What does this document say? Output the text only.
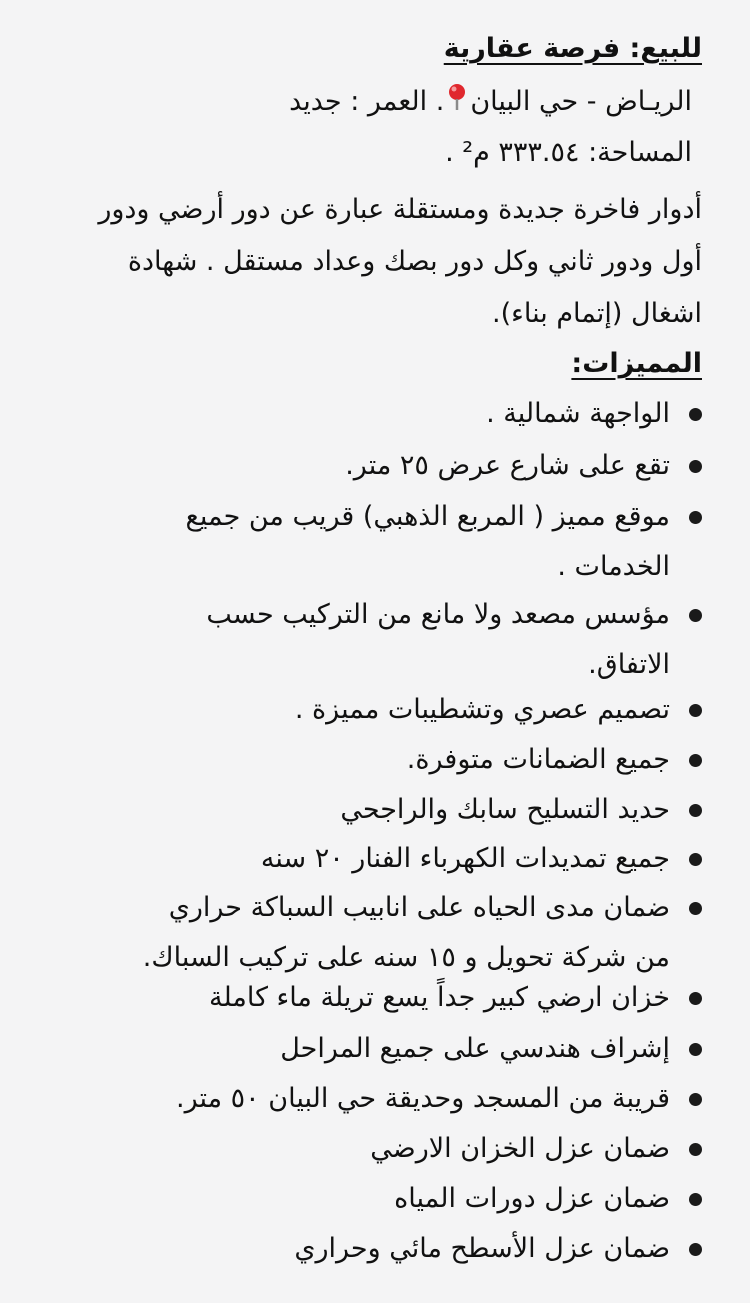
للبيع: فرصة عقارية
الريـاض - حي البيان. العمر : جديد
المساحة: ٣٣٣.٥٤ م² .
أدوار فاخرة جديدة ومستقلة عبارة عن دور أرضي ودور
أول ودور ثاني وكل دور بصك وعداد مستقل . شهادة
اشغال (إتمام بناء).
المميزات:
الواجهة شمالية .
تقع على شارع عرض ٢٥ متر.
موقع مميز ( المربع الذهبي) قريب من جميع
الخدمات .
مؤسس مصعد ولا مانع من التركيب حسب
الاتفاق.
تصميم عصري وتشطيبات مميزة .
جميع الضمانات متوفرة.
حديد التسليح سابك والراجحي
جميع تمديدات الكهرباء الفنار ٢٠ سنه
ضمان مدى الحياه على انابيب السباكة حراري
من شركة تحويل و ١٥ سنه على تركيب السباك.
خزان ارضي كبير جداً يسع تريلة ماء كاملة
إشراف هندسي على جميع المراحل
قريبة من المسجد وحديقة حي البيان ٥٠ متر.
ضمان عزل الخزان الارضي
ضمان عزل دورات المياه
ضمان عزل الأسطح مائي وحراري
